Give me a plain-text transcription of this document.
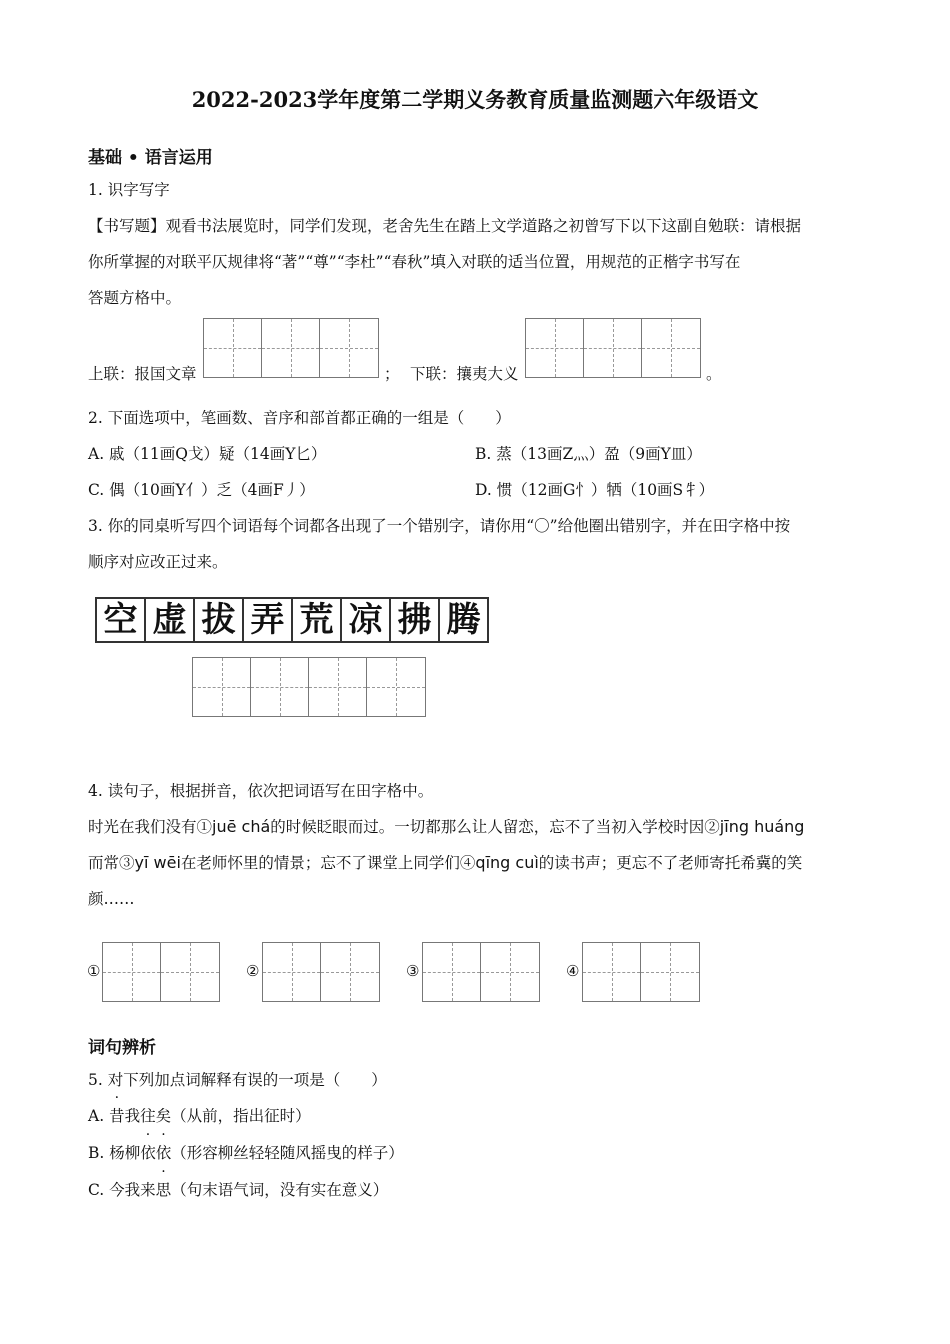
2022-2023学年度第二学期义务教育质量监测题六年级语文
基础 • 语言运用
1. 识字写字
【书写题】观看书法展览时，同学们发现，老舍先生在踏上文学道路之初曾写下以下这副自勉联：请根据
你所掌握的对联平仄规律将“著”“尊”“李杜”“春秋”填入对联的适当位置，用规范的正楷字书写在
答题方格中。
上联：报国文章	； 下联：攘夷大义	。
2. 下面选项中，笔画数、音序和部首都正确的一组是（　　）
A. 戚（11画Q戈）疑（14画Y匕）	B. 蒸（13画Z灬）盈（9画Y皿）
C. 偶（10画Y亻）乏（4画F丿）	D. 惯（12画G忄）牺（10画S牜）
3. 你的同桌听写四个词语每个词都各出现了一个错别字，请你用“〇”给他圈出错别字，并在田字格中按
顺序对应改正过来。
空 虚 拔 弄 荒 凉 拂 腾
4. 读句子，根据拼音，依次把词语写在田字格中。
时光在我们没有①juē chá的时候眨眼而过。一切都那么让人留恋，忘不了当初入学校时因②jīng huáng
而常③yī wēi在老师怀里的情景；忘不了课堂上同学们④qīng cuì的读书声；更忘不了老师寄托希冀的笑
颜……
①	②	③	④
词句辨析
5. 对下列加点词解释有误的一项是（　　）
A. 昔我往矣（从前，指出征时）
B. 杨柳依依（形容柳丝轻轻随风摇曳的样子）
C. 今我来思（句末语气词，没有实在意义）
